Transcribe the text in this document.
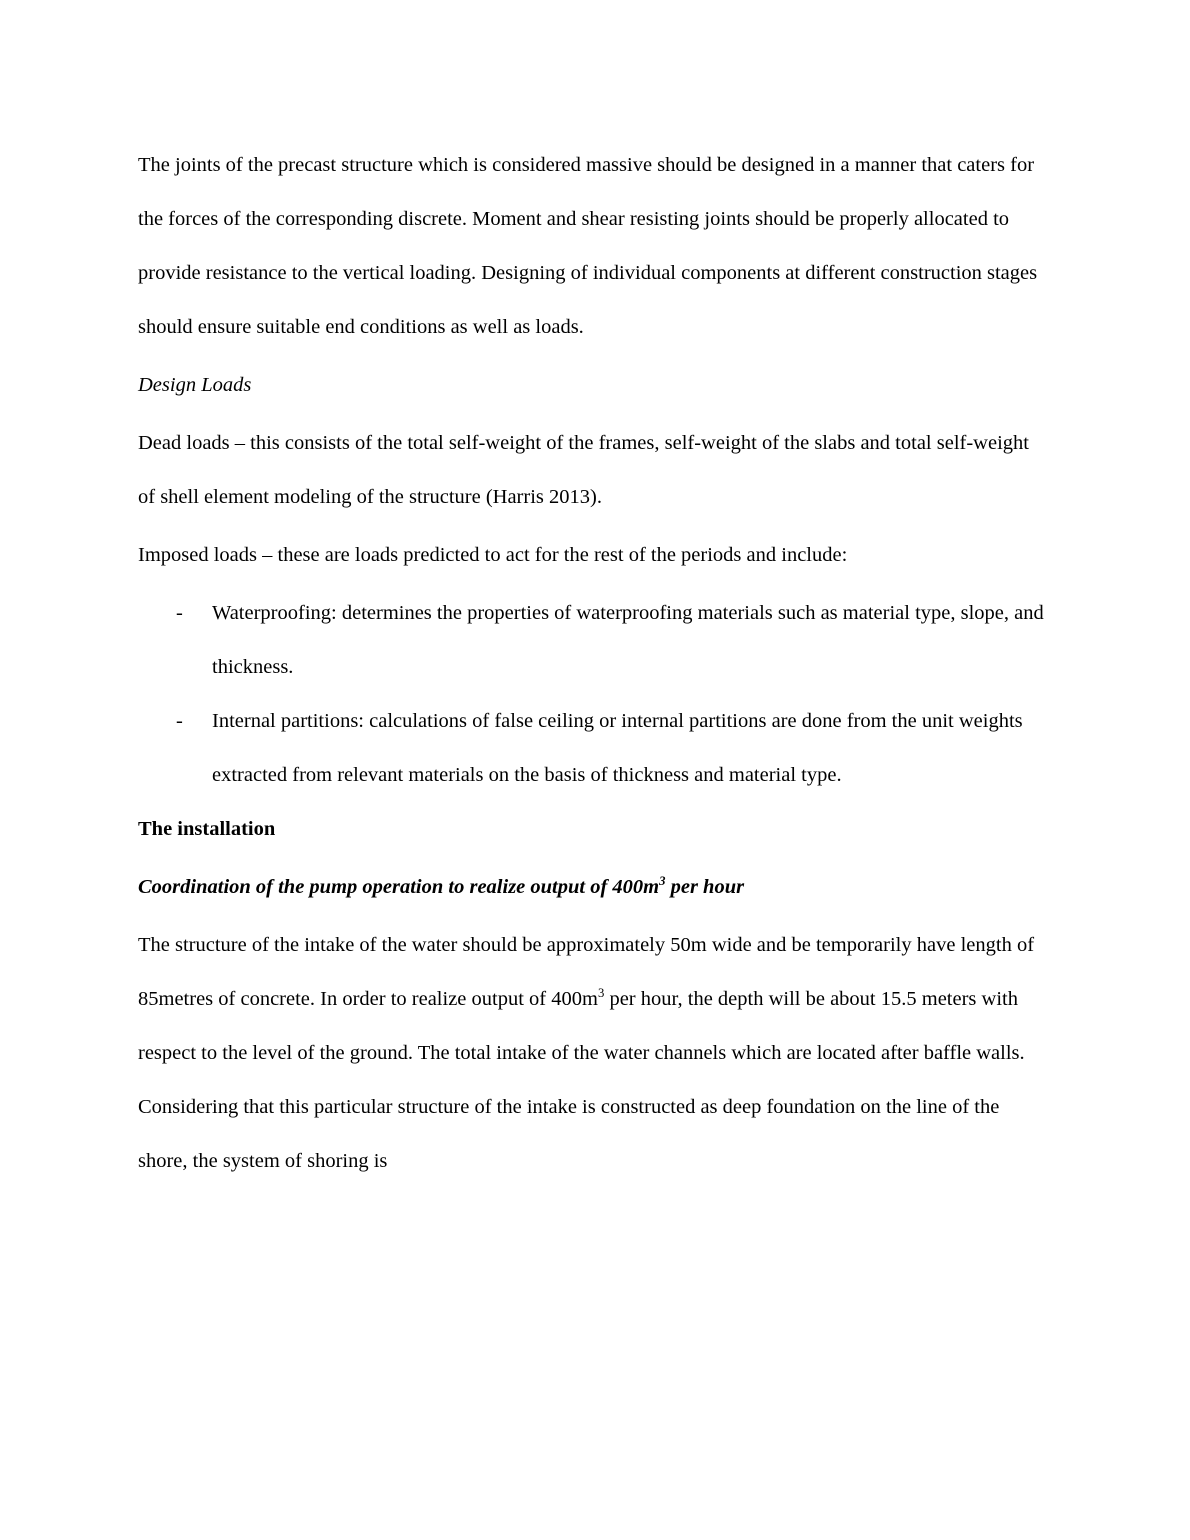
The joints of the precast structure which is considered massive should be designed in a manner that caters for the forces of the corresponding discrete. Moment and shear resisting joints should be properly allocated to provide resistance to the vertical loading. Designing of individual components at different construction stages should ensure suitable end conditions as well as loads.

Design Loads

Dead loads – this consists of the total self-weight of the frames, self-weight of the slabs and total self-weight of shell element modeling of the structure (Harris 2013).

Imposed loads – these are loads predicted to act for the rest of the periods and include:

- Waterproofing: determines the properties of waterproofing materials such as material type, slope, and thickness.
- Internal partitions: calculations of false ceiling or internal partitions are done from the unit weights extracted from relevant materials on the basis of thickness and material type.

The installation

Coordination of the pump operation to realize output of $400m^3$ per hour

The structure of the intake of the water should be approximately 50m wide and be temporarily have length of 85metres of concrete. In order to realize output of $400m^3$ per hour, the depth will be about 15.5 meters with respect to the level of the ground. The total intake of the water channels which are located after baffle walls. Considering that this particular structure of the intake is constructed as deep foundation on the line of the shore, the system of shoring is
